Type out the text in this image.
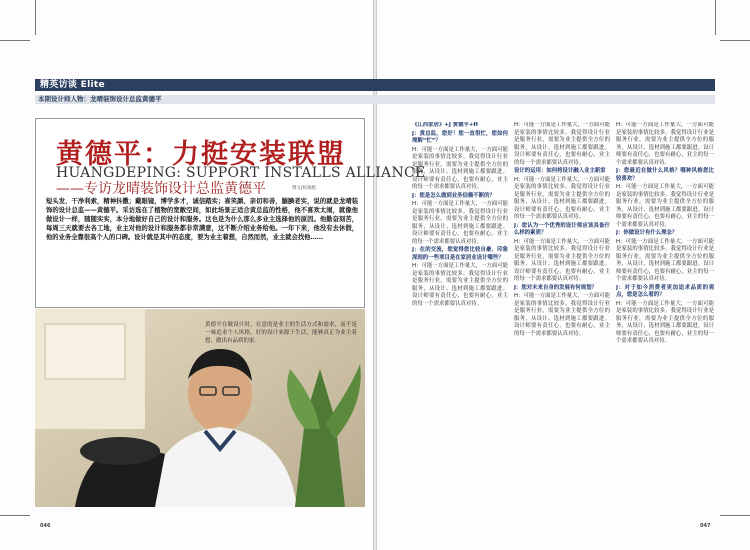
精英访谈 Elite
本期设计师人物：龙晴装饰设计总监黄德平
黄德平：力挺安装联盟
HUANGDEPING: SUPPORT INSTALLS ALLIANCE
——专访龙晴装饰设计总监黄德平	撰文|杨逸帆
短头发、干净利索，精神抖擞；戴眼镜，博学多才，诚信踏实；喜笑颜、亲切和善，腼腆老实，说的就是龙晴装饰的设计总监——黄德平。采访选在了植物的宽敞空间，如此场景正适合黄总监的性格，他不喜欢太闹，就像他做设计一样，随随实实，本分地做好自己的设计和服务。这也是为什么那么多业主选择他的原因。他勤奋刻苦，每周三天就要去各工地，业主对他的设计和服务都非常满意，这不断介绍业务给他。一年下来，他没有去休假，他的业务全靠很高个人的口碑。设计就是其中的态度，要为业主着想，自然而然，业主就会找他……
黄德平在做设计时，在意的是业主的生活方式和需求，而不是一味追求个人风格。好的设计来源于生活，能够真正为业主着想，做出有品质的家。

《江西家居》+J 黄德平+H

J：黄总监，您好！您一直很忙，您如何理解“忙”？

H：可能一方面是工作量大，一方面可能是家装的事情比较多。我觉得设计行业是服务行业，需要为业主提供全方位的服务，从设计、选材到施工都要跟进。设计师要有责任心，也要有耐心，业主的每一个需求都要认真对待。

J：您是怎么做到业务信赖不断的？

H：可能一方面是工作量大，一方面可能是家装的事情比较多。我觉得设计行业是服务行业，需要为业主提供全方位的服务，从设计、选材到施工都要跟进。设计师要有责任心，也要有耐心，业主的每一个需求都要认真对待。

J：在的交流，您觉得您比较自豪、印象深刻的一些项目是在家居业设计哪些？

H：可能一方面是工作量大，一方面可能是家装的事情比较多。我觉得设计行业是服务行业，需要为业主提供全方位的服务，从设计、选材到施工都要跟进。设计师要有责任心，也要有耐心，业主的每一个需求都要认真对待。

H：可能一方面是工作量大，一方面可能是家装的事情比较多。我觉得设计行业是服务行业，需要为业主提供全方位的服务，从设计、选材到施工都要跟进。设计师要有责任心，也要有耐心，业主的每一个需求都要认真对待。

设计的运用：如何将设计融入业主新家

H：可能一方面是工作量大，一方面可能是家装的事情比较多。我觉得设计行业是服务行业，需要为业主提供全方位的服务，从设计、选材到施工都要跟进。设计师要有责任心，也要有耐心，业主的每一个需求都要认真对待。

J：您认为一个优秀的设计师应该具备什么样的素质？

H：可能一方面是工作量大，一方面可能是家装的事情比较多。我觉得设计行业是服务行业，需要为业主提供全方位的服务，从设计、选材到施工都要跟进。设计师要有责任心，也要有耐心，业主的每一个需求都要认真对待。

J：您对未来自身的发展有何规划？

H：可能一方面是工作量大，一方面可能是家装的事情比较多。我觉得设计行业是服务行业，需要为业主提供全方位的服务，从设计、选材到施工都要跟进。设计师要有责任心，也要有耐心，业主的每一个需求都要认真对待。

H：可能一方面是工作量大，一方面可能是家装的事情比较多。我觉得设计行业是服务行业，需要为业主提供全方位的服务，从设计、选材到施工都要跟进。设计师要有责任心，也要有耐心，业主的每一个需求都要认真对待。

J：您最近在做什么风格？哪种风格您比较喜欢？

H：可能一方面是工作量大，一方面可能是家装的事情比较多。我觉得设计行业是服务行业，需要为业主提供全方位的服务，从设计、选材到施工都要跟进。设计师要有责任心，也要有耐心，业主的每一个需求都要认真对待。

J：你做设计有什么理念？

H：可能一方面是工作量大，一方面可能是家装的事情比较多。我觉得设计行业是服务行业，需要为业主提供全方位的服务，从设计、选材到施工都要跟进。设计师要有责任心，也要有耐心，业主的每一个需求都要认真对待。

J：对于如今消费者更加追求品质的观点，您是怎么看的？

H：可能一方面是工作量大，一方面可能是家装的事情比较多。我觉得设计行业是服务行业，需要为业主提供全方位的服务，从设计、选材到施工都要跟进。设计师要有责任心，也要有耐心，业主的每一个需求都要认真对待。

046	047
